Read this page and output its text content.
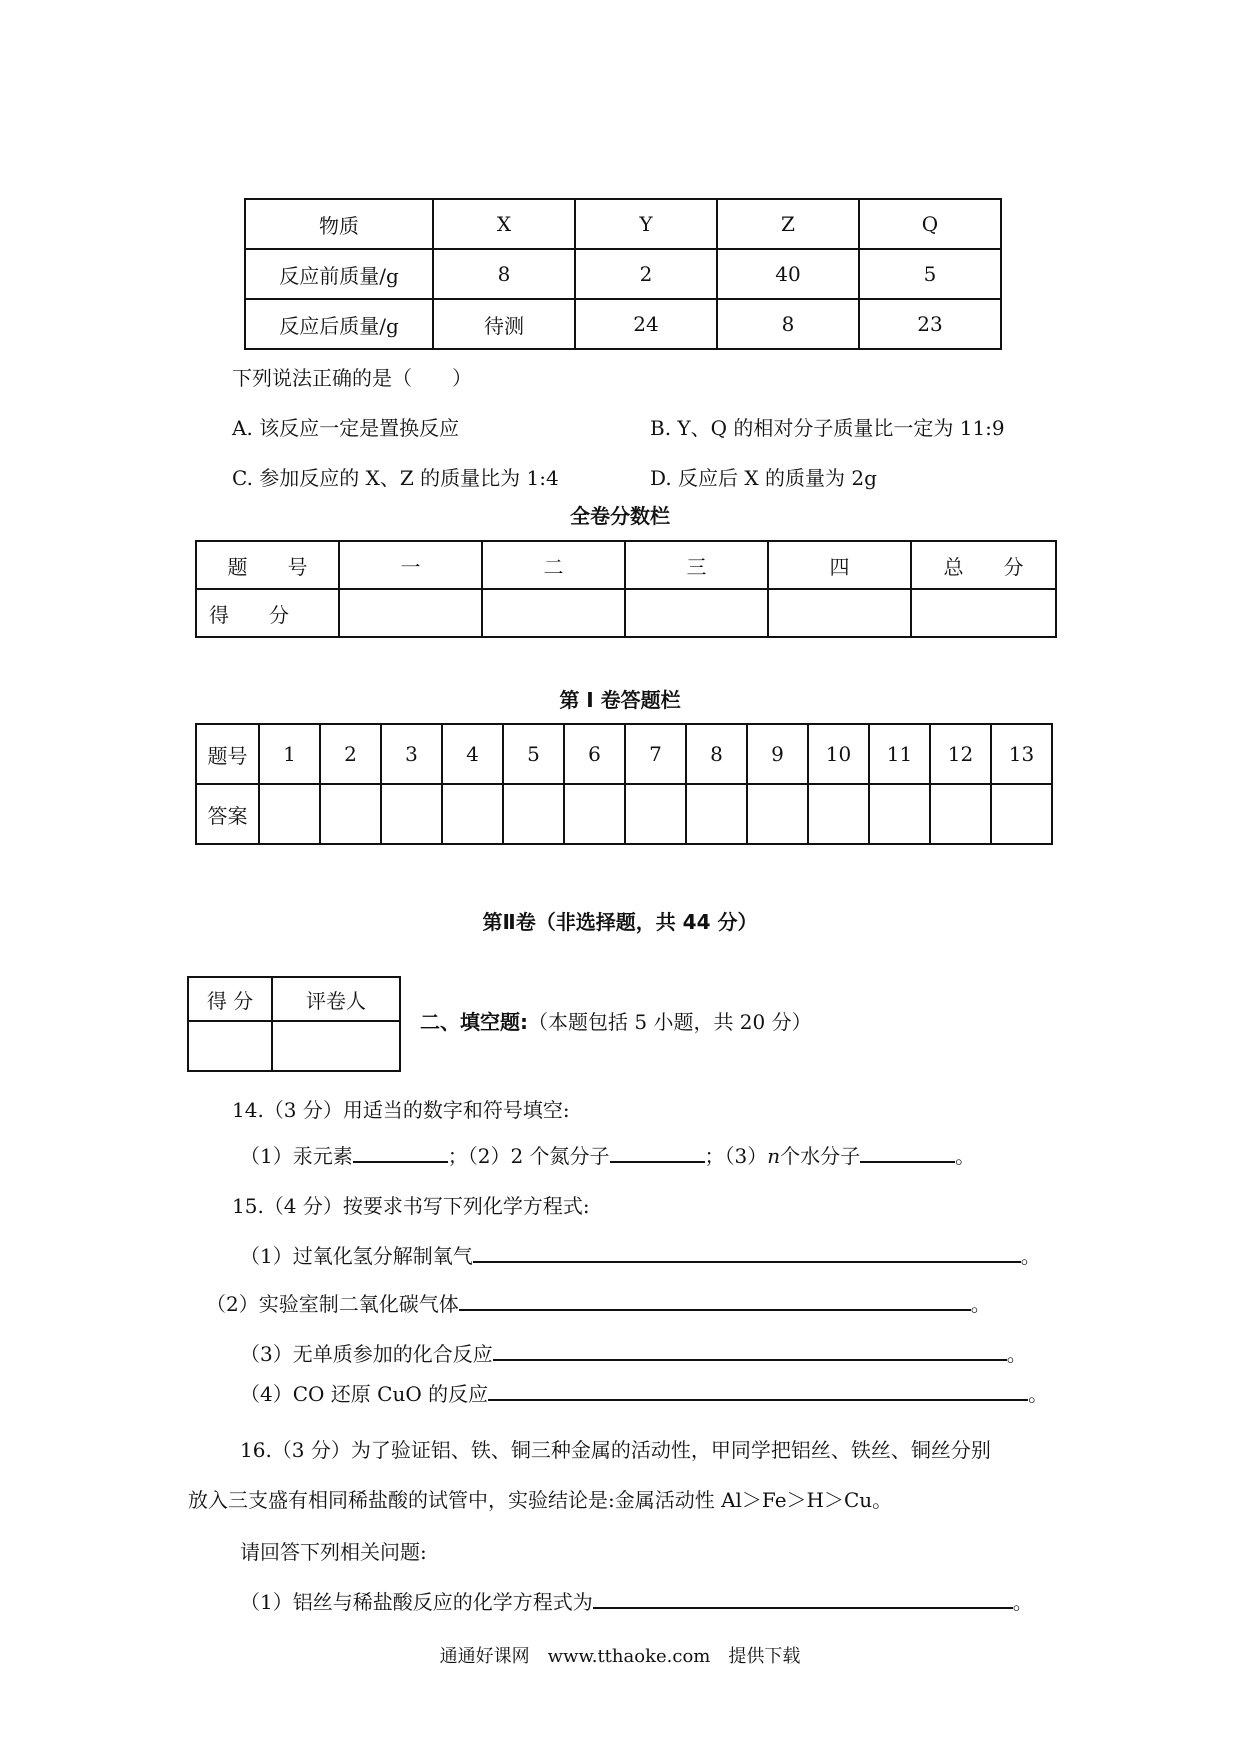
物质	X	Y	Z	Q
反应前质量/g	8	2	40	5
反应后质量/g	待测	24	8	23
下列说法正确的是（　　）
A. 该反应一定是置换反应	B. Y、Q 的相对分子质量比一定为 11:9
C. 参加反应的 X、Z 的质量比为 1:4	D. 反应后 X 的质量为 2g
全卷分数栏
题　　号	一	二	三	四	总　　分
得　　分					
第 I 卷答题栏
题号	1	2	3	4	5	6	7	8	9	10	11	12	13
答案													
第Ⅱ卷（非选择题，共 44 分）
得 分	评卷人

二、填空题:（本题包括 5 小题，共 20 分）
14.（3 分）用适当的数字和符号填空:
（1）汞元素	；（2）2 个氮分子	；（3）n个水分子	。
15.（4 分）按要求书写下列化学方程式:
（1）过氧化氢分解制氧气	。
（2）实验室制二氧化碳气体	。
（3）无单质参加的化合反应	。
（4）CO 还原 CuO 的反应	。
16.（3 分）为了验证铝、铁、铜三种金属的活动性，甲同学把铝丝、铁丝、铜丝分别
放入三支盛有相同稀盐酸的试管中，实验结论是:金属活动性 Al＞Fe＞H＞Cu。
请回答下列相关问题:
（1）铝丝与稀盐酸反应的化学方程式为	。
通通好课网　www.tthaoke.com　提供下载
